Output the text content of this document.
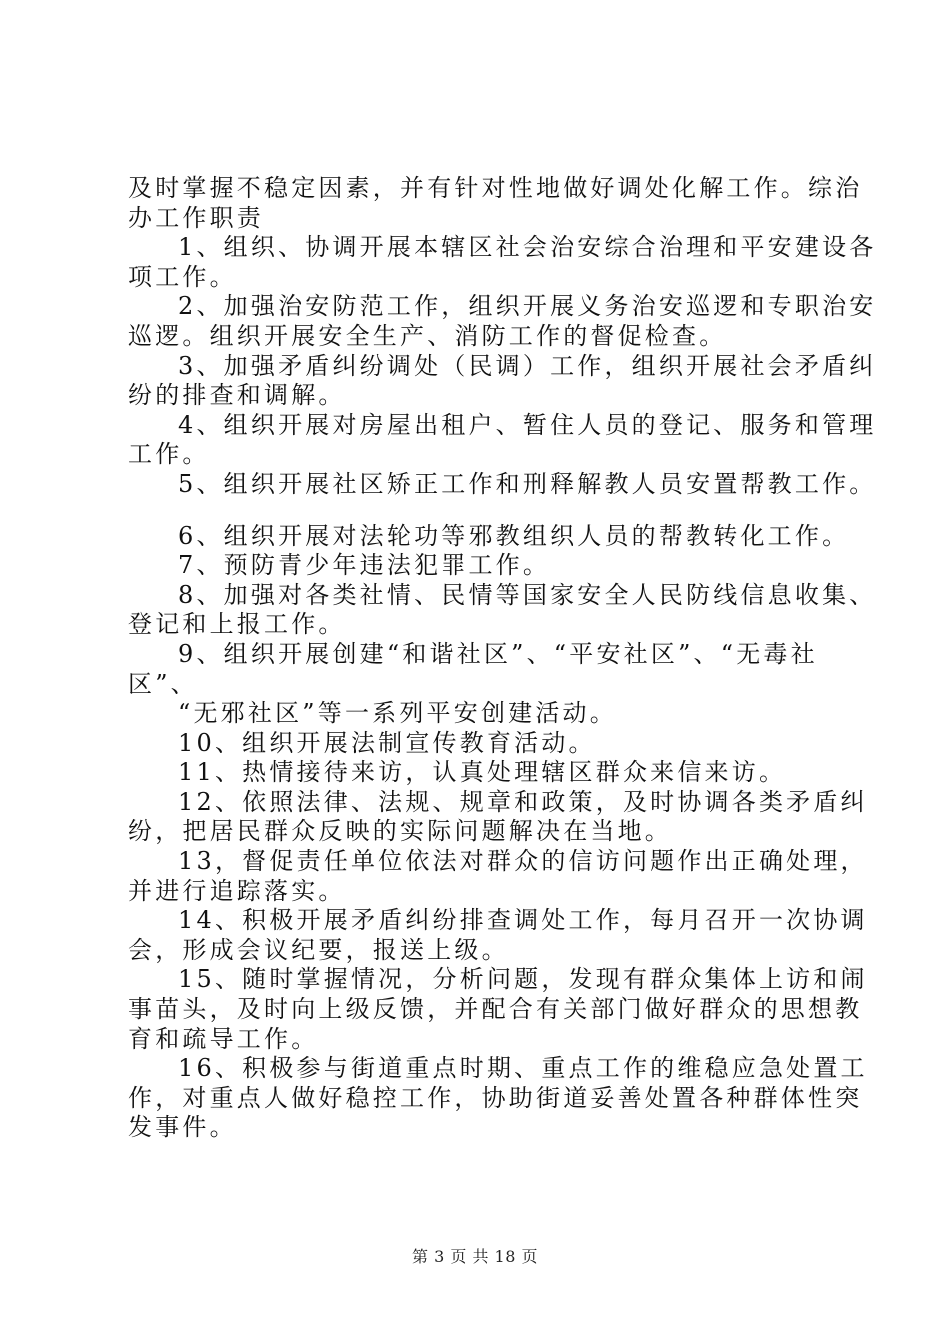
及时掌握不稳定因素，并有针对性地做好调处化解工作。综治
办工作职责
1、组织、协调开展本辖区社会治安综合治理和平安建设各
项工作。
2、加强治安防范工作，组织开展义务治安巡逻和专职治安
巡逻。组织开展安全生产、消防工作的督促检查。
3、加强矛盾纠纷调处（民调）工作，组织开展社会矛盾纠
纷的排查和调解。
4、组织开展对房屋出租户、暂住人员的登记、服务和管理
工作。
5、组织开展社区矫正工作和刑释解教人员安置帮教工作。
6、组织开展对法轮功等邪教组织人员的帮教转化工作。
7、预防青少年违法犯罪工作。
8、加强对各类社情、民情等国家安全人民防线信息收集、
登记和上报工作。
9、组织开展创建“和谐社区”、“平安社区”、“无毒社
区”、
“无邪社区”等一系列平安创建活动。
10、组织开展法制宣传教育活动。
11、热情接待来访，认真处理辖区群众来信来访。
12、依照法律、法规、规章和政策，及时协调各类矛盾纠
纷，把居民群众反映的实际问题解决在当地。
13，督促责任单位依法对群众的信访问题作出正确处理，
并进行追踪落实。
14、积极开展矛盾纠纷排查调处工作，每月召开一次协调
会，形成会议纪要，报送上级。
15、随时掌握情况，分析问题，发现有群众集体上访和闹
事苗头，及时向上级反馈，并配合有关部门做好群众的思想教
育和疏导工作。
16、积极参与街道重点时期、重点工作的维稳应急处置工
作，对重点人做好稳控工作，协助街道妥善处置各种群体性突
发事件。
第 3 页 共 18 页
